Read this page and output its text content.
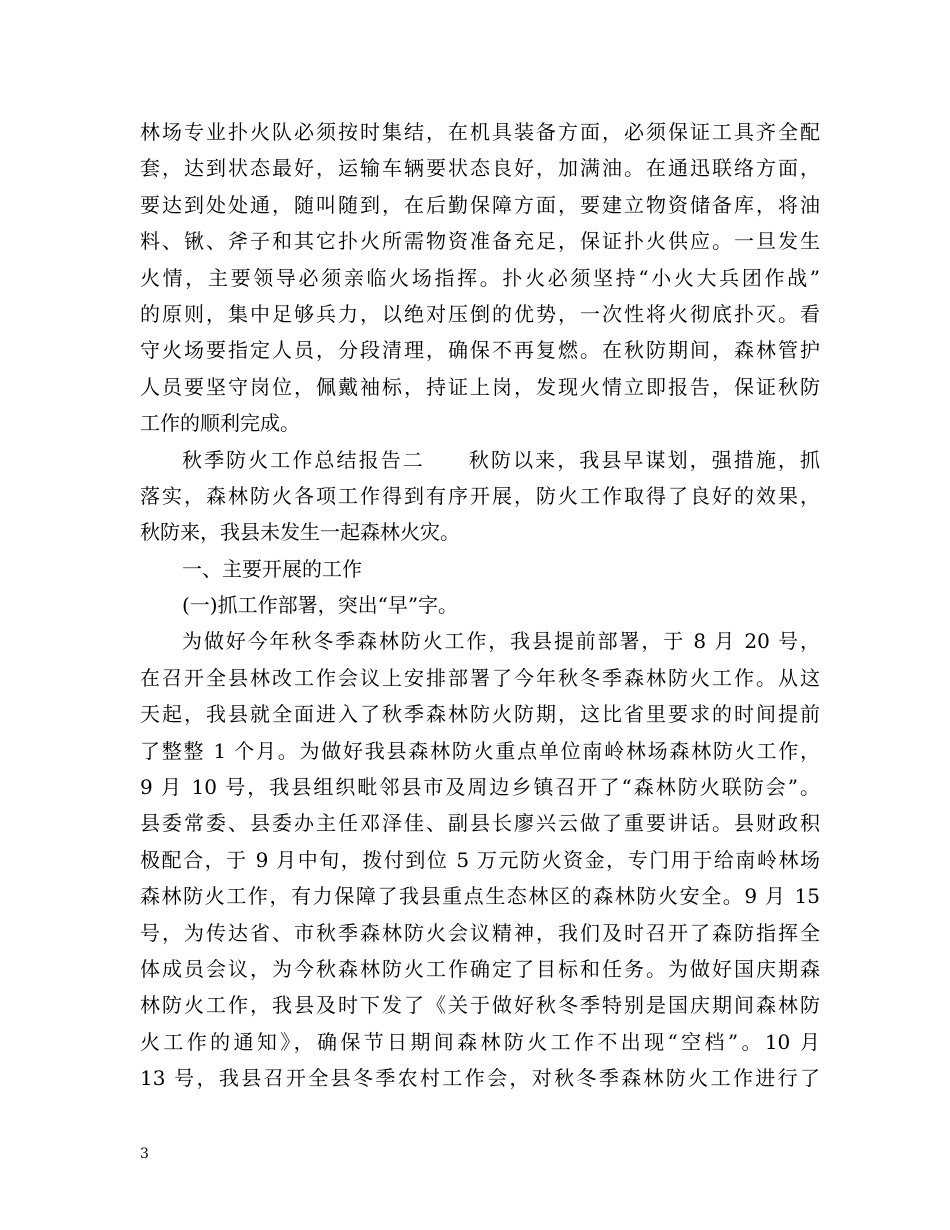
林场专业扑火队必须按时集结，在机具装备方面，必须保证工具齐全配
套，达到状态最好，运输车辆要状态良好，加满油。在通迅联络方面，
要达到处处通，随叫随到，在后勤保障方面，要建立物资储备库，将油
料、锹、斧子和其它扑火所需物资准备充足，保证扑火供应。一旦发生
火情，主要领导必须亲临火场指挥。扑火必须坚持“小火大兵团作战”
的原则，集中足够兵力，以绝对压倒的优势，一次性将火彻底扑灭。看
守火场要指定人员，分段清理，确保不再复燃。在秋防期间，森林管护
人员要坚守岗位，佩戴袖标，持证上岗，发现火情立即报告，保证秋防
工作的顺利完成。
秋季防火工作总结报告二　　秋防以来，我县早谋划，强措施，抓
落实，森林防火各项工作得到有序开展，防火工作取得了良好的效果，
秋防来，我县未发生一起森林火灾。
一、主要开展的工作
(一)抓工作部署，突出“早”字。
为做好今年秋冬季森林防火工作，我县提前部署，于 8 月 20 号，
在召开全县林改工作会议上安排部署了今年秋冬季森林防火工作。从这
天起，我县就全面进入了秋季森林防火防期，这比省里要求的时间提前
了整整 1 个月。为做好我县森林防火重点单位南岭林场森林防火工作，
9 月 10 号，我县组织毗邻县市及周边乡镇召开了“森林防火联防会”。
县委常委、县委办主任邓泽佳、副县长廖兴云做了重要讲话。县财政积
极配合，于 9 月中旬，拨付到位 5 万元防火资金，专门用于给南岭林场
森林防火工作，有力保障了我县重点生态林区的森林防火安全。9 月 15
号，为传达省、市秋季森林防火会议精神，我们及时召开了森防指挥全
体成员会议，为今秋森林防火工作确定了目标和任务。为做好国庆期森
林防火工作，我县及时下发了《关于做好秋冬季特别是国庆期间森林防
火工作的通知》，确保节日期间森林防火工作不出现“空档”。10 月
13 号，我县召开全县冬季农村工作会，对秋冬季森林防火工作进行了
3
